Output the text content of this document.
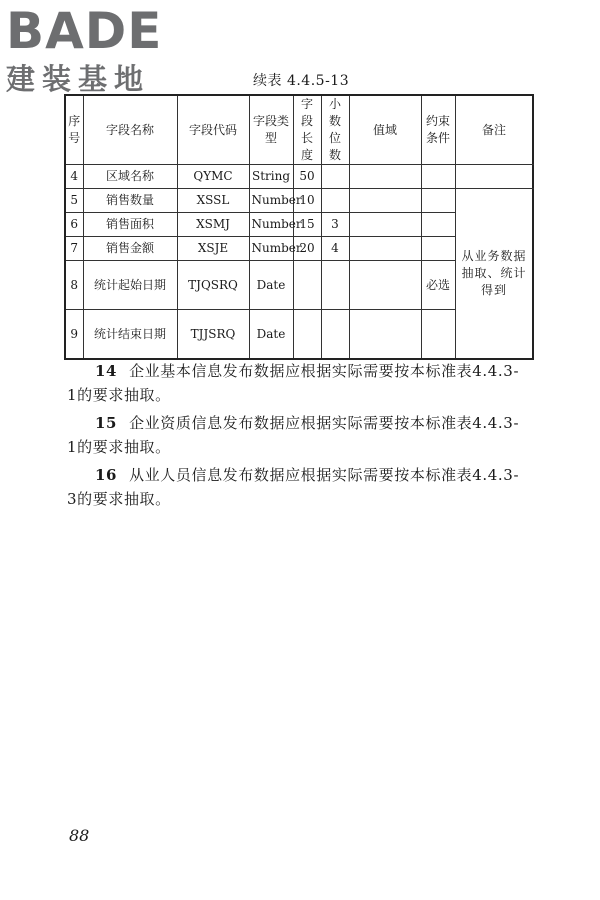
BADE
建装基地	续表 4.4.5-13
序号	字段名称	字段代码	字段类型	字段长度	小数位数	值域	约束条件	备注	
4	区域名称	QYMC	String	50					
5	销售数量	XSSL	Number	10				从业务数据抽取、统计得到	
6	销售面积	XSMJ	Number	15	3				
7	销售金额	XSJE	Number	20	4				
8	统计起始日期	TJQSRQ	Date				必选		
9	统计结束日期	TJJSRQ	Date						

14 企业基本信息发布数据应根据实际需要按本标准表4.4.3-1的要求抽取。

15 企业资质信息发布数据应根据实际需要按本标准表4.4.3-1的要求抽取。

16 从业人员信息发布数据应根据实际需要按本标准表4.4.3-3的要求抽取。

88
